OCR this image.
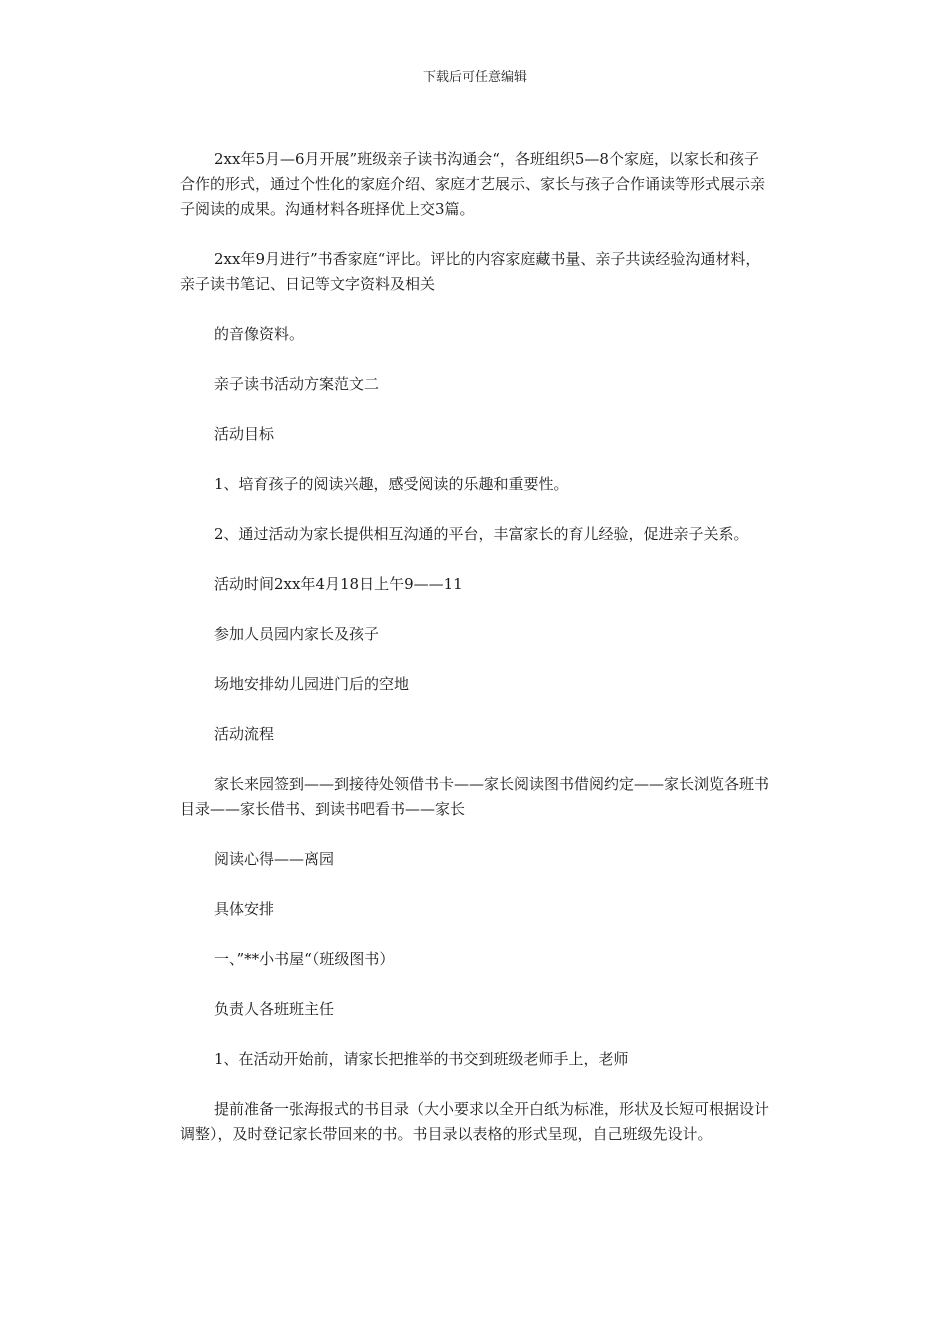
下载后可任意编辑

2xx年5月—6月开展”班级亲子读书沟通会“，各班组织5—8个家庭，以家长和孩子合作的形式，通过个性化的家庭介绍、家庭才艺展示、家长与孩子合作诵读等形式展示亲子阅读的成果。沟通材料各班择优上交3篇。

2xx年9月进行”书香家庭“评比。评比的内容家庭藏书量、亲子共读经验沟通材料，亲子读书笔记、日记等文字资料及相关

的音像资料。

亲子读书活动方案范文二

活动目标

1、培育孩子的阅读兴趣，感受阅读的乐趣和重要性。

2、通过活动为家长提供相互沟通的平台，丰富家长的育儿经验，促进亲子关系。

活动时间2xx年4月18日上午9——11

参加人员园内家长及孩子

场地安排幼儿园进门后的空地

活动流程

家长来园签到——到接待处领借书卡——家长阅读图书借阅约定——家长浏览各班书目录——家长借书、到读书吧看书——家长

阅读心得——离园

具体安排

一、”**小书屋“（班级图书）

负责人各班班主任

1、在活动开始前，请家长把推举的书交到班级老师手上，老师

提前准备一张海报式的书目录（大小要求以全开白纸为标准，形状及长短可根据设计调整），及时登记家长带回来的书。书目录以表格的形式呈现，自己班级先设计。
